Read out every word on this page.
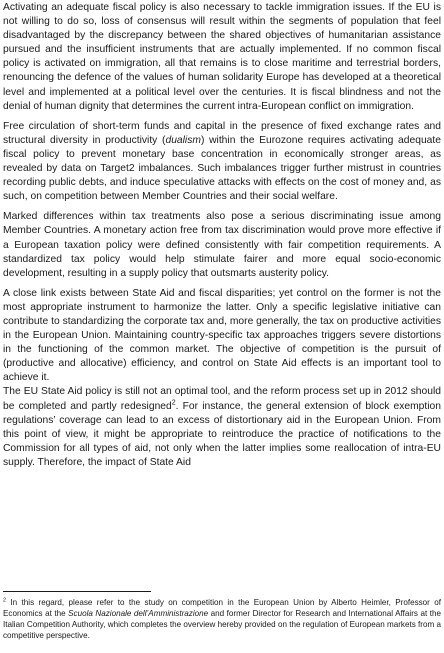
Activating an adequate fiscal policy is also necessary to tackle immigration issues. If the EU is not willing to do so, loss of consensus will result within the segments of population that feel disadvantaged by the discrepancy between the shared objectives of humanitarian assistance pursued and the insufficient instruments that are actually implemented. If no common fiscal policy is activated on immigration, all that remains is to close maritime and terrestrial borders, renouncing the defence of the values of human solidarity Europe has developed at a theoretical level and implemented at a political level over the centuries. It is fiscal blindness and not the denial of human dignity that determines the current intra-European conflict on immigration.

Free circulation of short-term funds and capital in the presence of fixed exchange rates and structural diversity in productivity (dualism) within the Eurozone requires activating adequate fiscal policy to prevent monetary base concentration in economically stronger areas, as revealed by data on Target2 imbalances. Such imbalances trigger further mistrust in countries recording public debts, and induce speculative attacks with effects on the cost of money and, as such, on competition between Member Countries and their social welfare.

Marked differences within tax treatments also pose a serious discriminating issue among Member Countries. A monetary action free from tax discrimination would prove more effective if a European taxation policy were defined consistently with fair competition requirements. A standardized tax policy would help stimulate fairer and more equal socio-economic development, resulting in a supply policy that outsmarts austerity policy.

A close link exists between State Aid and fiscal disparities; yet control on the former is not the most appropriate instrument to harmonize the latter. Only a specific legislative initiative can contribute to standardizing the corporate tax and, more generally, the tax on productive activities in the European Union. Maintaining country-specific tax approaches triggers severe distortions in the functioning of the common market. The objective of competition is the pursuit of (productive and allocative) efficiency, and control on State Aid effects is an important tool to achieve it.

The EU State Aid policy is still not an optimal tool, and the reform process set up in 2012 should be completed and partly redesigned$^2$. For instance, the general extension of block exemption regulations’ coverage can lead to an excess of distortionary aid in the European Union. From this point of view, it might be appropriate to reintroduce the practice of notifications to the Commission for all types of aid, not only when the latter implies some reallocation of intra-EU supply. Therefore, the impact of State Aid

$^2$ In this regard, please refer to the study on competition in the European Union by Alberto Heimler, Professor of Economics at the Scuola Nazionale dell’Amministrazione and former Director for Research and International Affairs at the Italian Competition Authority, which completes the overview hereby provided on the regulation of European markets from a competitive perspective.
